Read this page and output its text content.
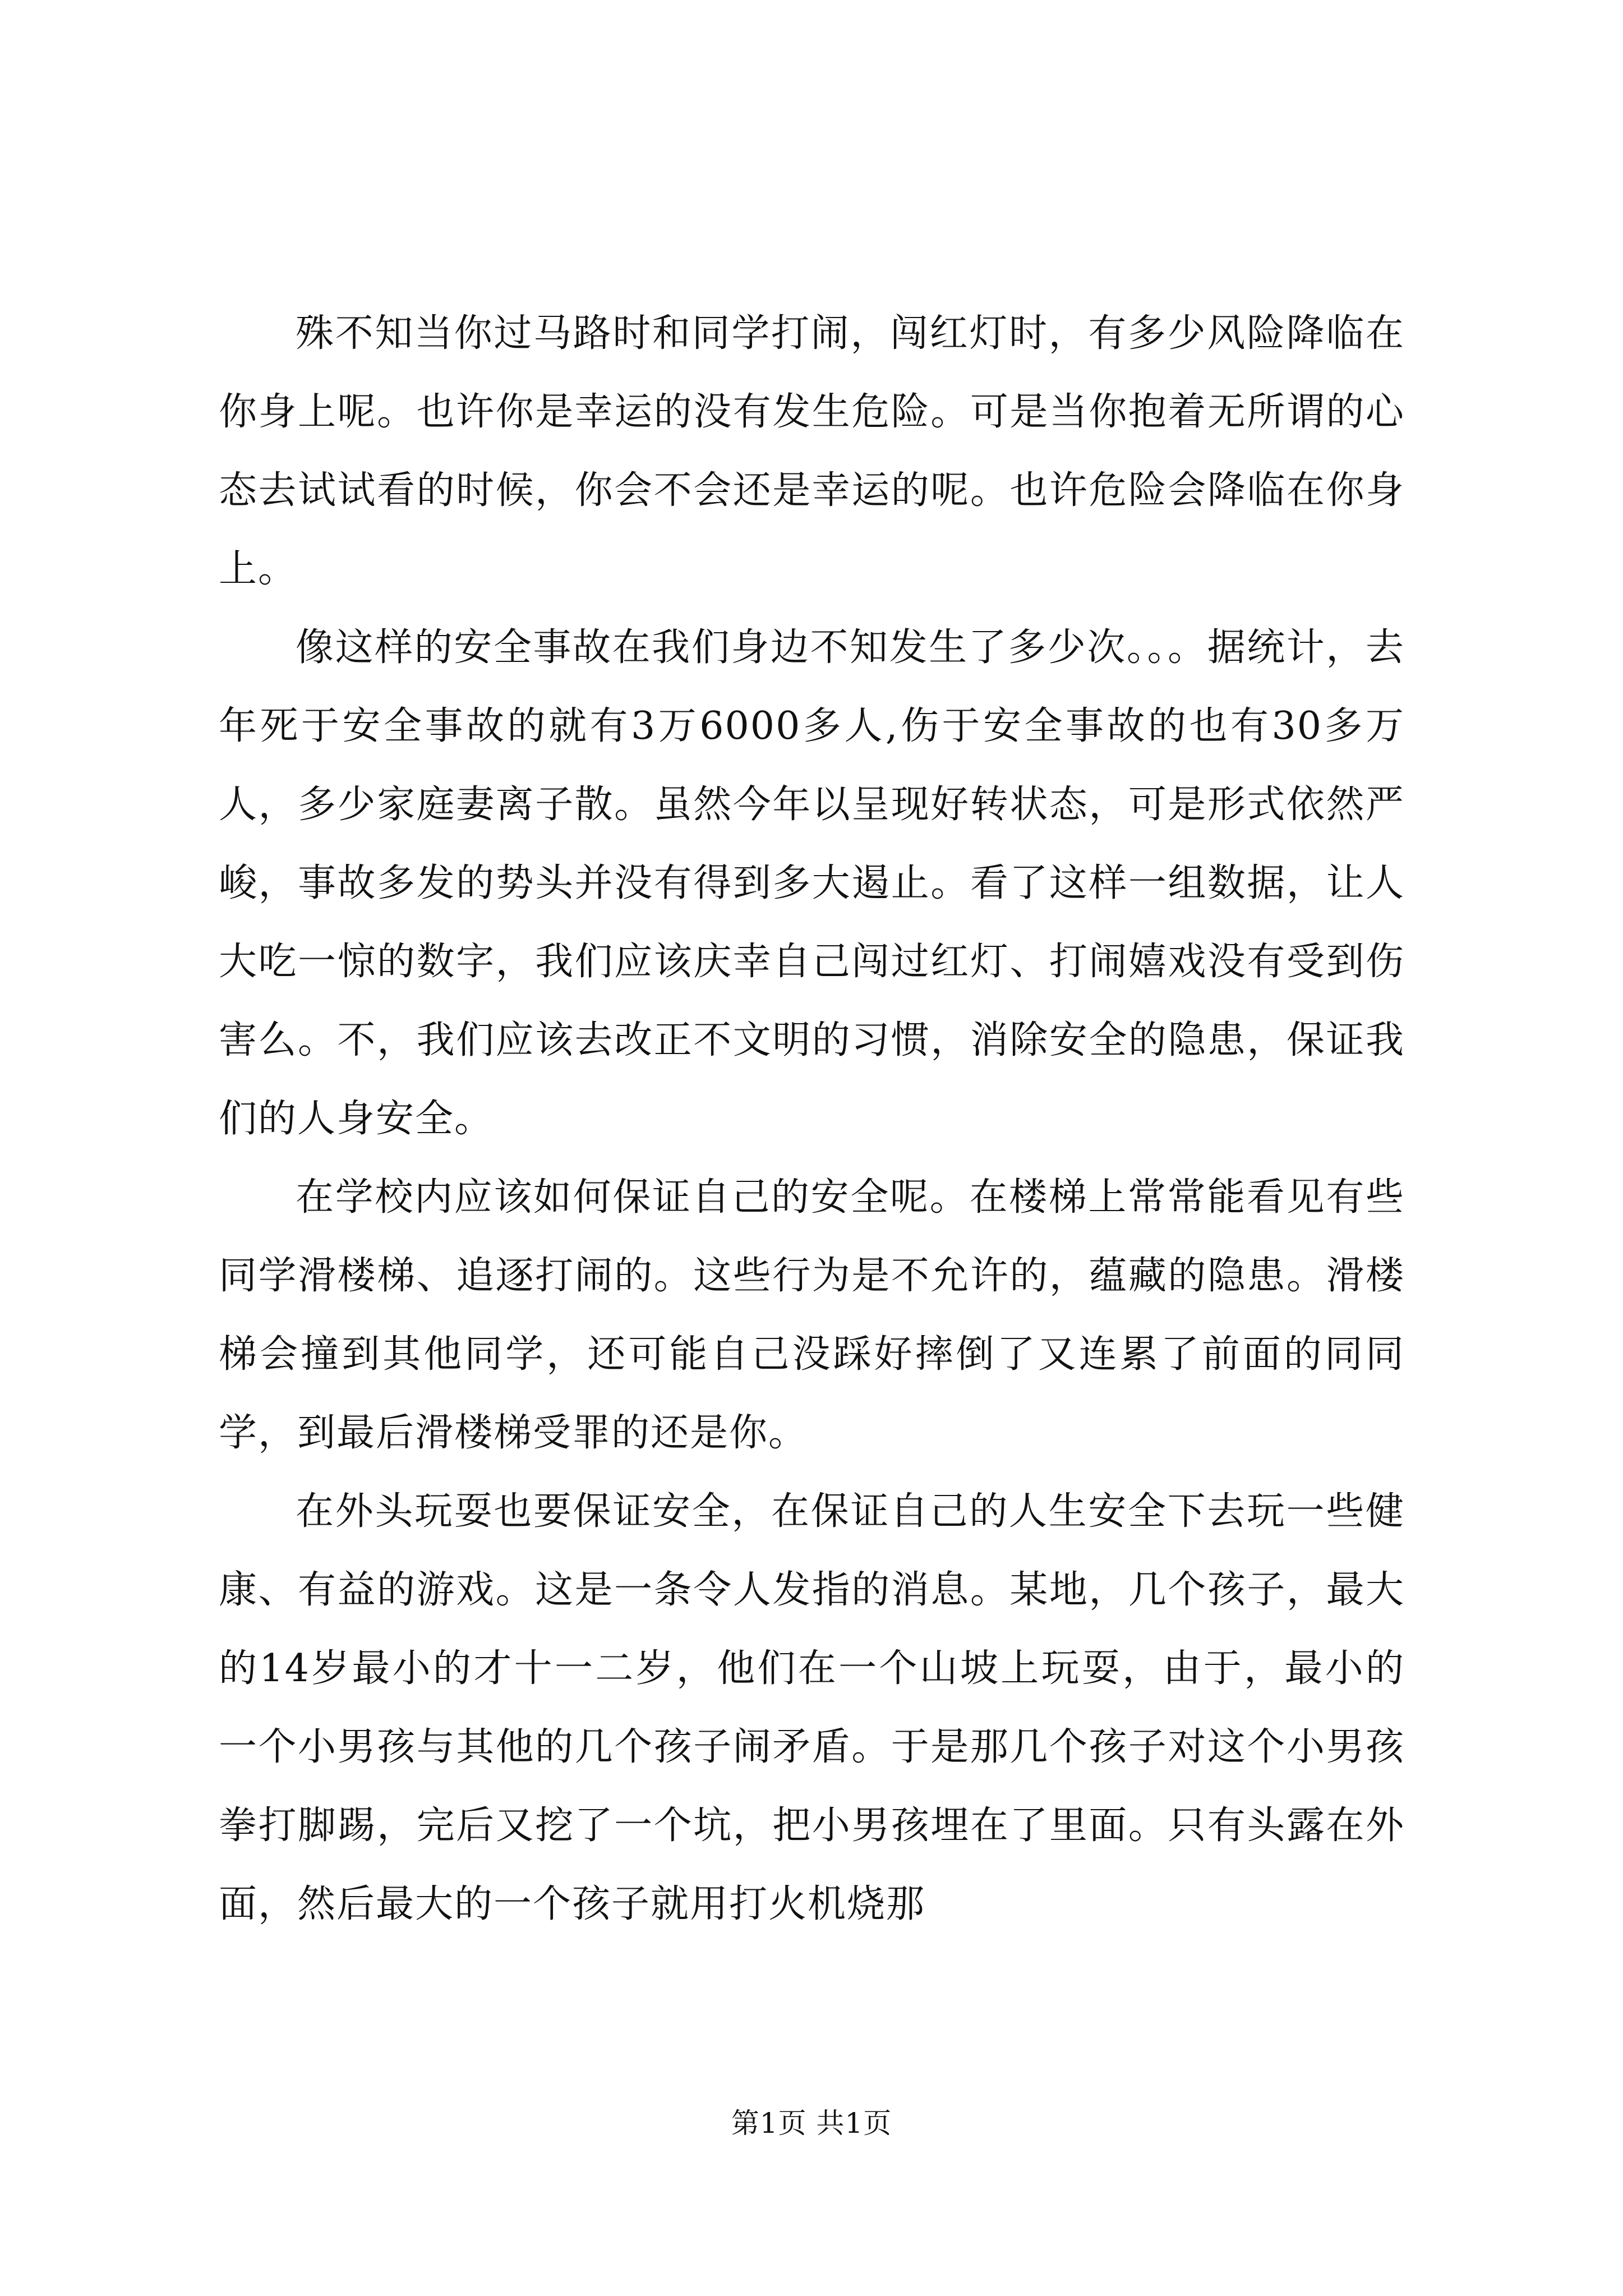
殊不知当你过马路时和同学打闹，闯红灯时，有多少风险降临在你身上呢。也许你是幸运的没有发生危险。可是当你抱着无所谓的心态去试试看的时候，你会不会还是幸运的呢。也许危险会降临在你身上。

像这样的安全事故在我们身边不知发生了多少次。。。据统计，去年死于安全事故的就有3万6000多人,伤于安全事故的也有30多万人，多少家庭妻离子散。虽然今年以呈现好转状态，可是形式依然严峻，事故多发的势头并没有得到多大遏止。看了这样一组数据，让人大吃一惊的数字，我们应该庆幸自己闯过红灯、打闹嬉戏没有受到伤害么。不，我们应该去改正不文明的习惯，消除安全的隐患，保证我们的人身安全。

在学校内应该如何保证自己的安全呢。在楼梯上常常能看见有些同学滑楼梯、追逐打闹的。这些行为是不允许的，蕴藏的隐患。滑楼梯会撞到其他同学，还可能自己没踩好摔倒了又连累了前面的同同学，到最后滑楼梯受罪的还是你。

在外头玩耍也要保证安全，在保证自己的人生安全下去玩一些健康、有益的游戏。这是一条令人发指的消息。某地，几个孩子，最大的14岁最小的才十一二岁，他们在一个山坡上玩耍，由于，最小的一个小男孩与其他的几个孩子闹矛盾。于是那几个孩子对这个小男孩拳打脚踢，完后又挖了一个坑，把小男孩埋在了里面。只有头露在外面，然后最大的一个孩子就用打火机烧那

第1页 共1页
